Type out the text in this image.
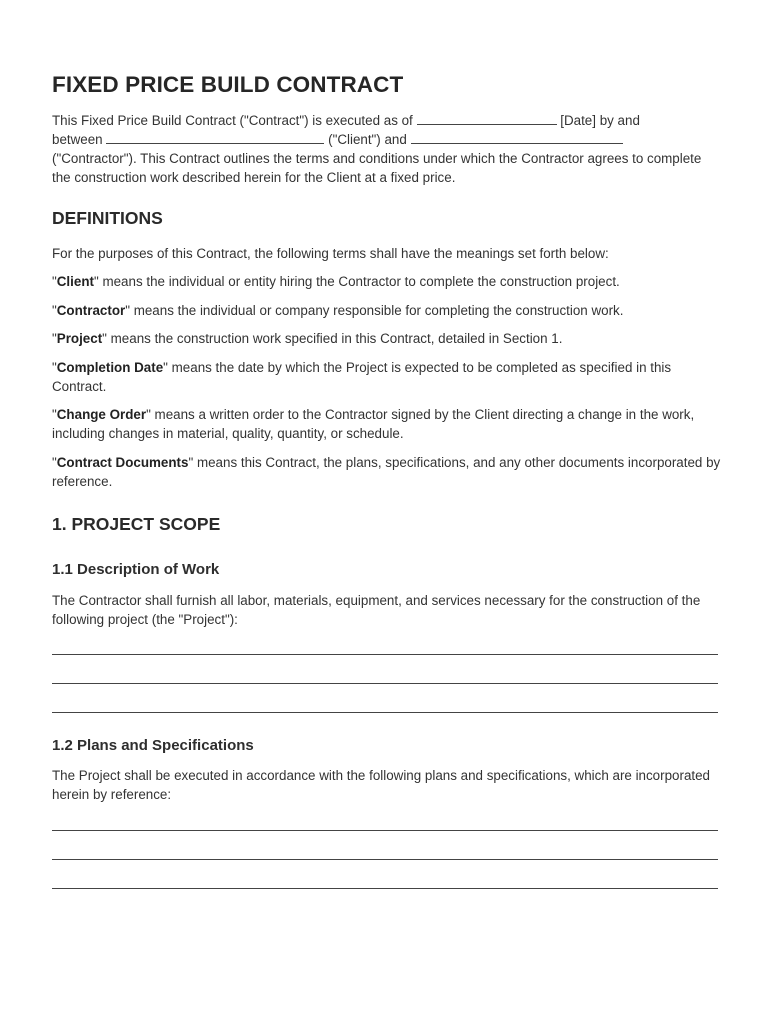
FIXED PRICE BUILD CONTRACT

This Fixed Price Build Contract ("Contract") is executed as of	[Date] by and
between	("Client") and
("Contractor"). This Contract outlines the terms and conditions under which the Contractor agrees to complete the construction work described herein for the Client at a fixed price.

DEFINITIONS

For the purposes of this Contract, the following terms shall have the meanings set forth below:

"Client" means the individual or entity hiring the Contractor to complete the construction project.

"Contractor" means the individual or company responsible for completing the construction work.

"Project" means the construction work specified in this Contract, detailed in Section 1.

"Completion Date" means the date by which the Project is expected to be completed as specified in this Contract.

"Change Order" means a written order to the Contractor signed by the Client directing a change in the work, including changes in material, quality, quantity, or schedule.

"Contract Documents" means this Contract, the plans, specifications, and any other documents incorporated by reference.

1. PROJECT SCOPE
1.1 Description of Work

The Contractor shall furnish all labor, materials, equipment, and services necessary for the construction of the following project (the "Project"):

1.2 Plans and Specifications

The Project shall be executed in accordance with the following plans and specifications, which are incorporated herein by reference:
